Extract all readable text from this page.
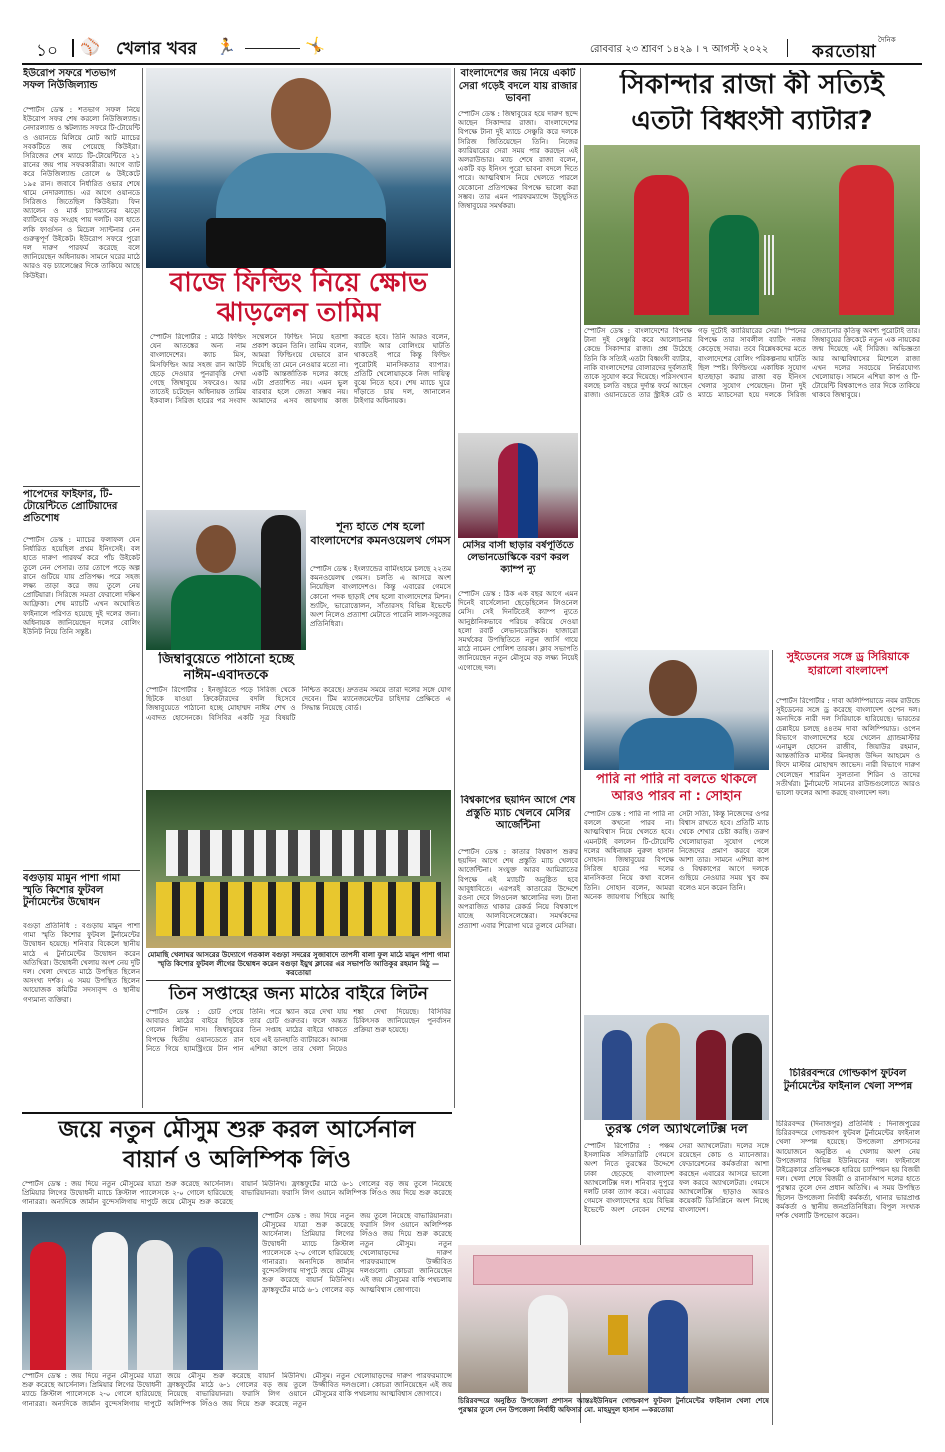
১০ ⚾ খেলার খবর 🏃	🤸	রোববার ২৩ শ্রাবণ ১৪২৯ । ৭ আগস্ট ২০২২
দৈনিক
করতোয়া
ইউরোপ সফরে শতভাগ সফল নিউজিল্যান্ড
স্পোর্টস ডেস্ক : শতভাগ সফল নিয়ে ইউরোপ সফর শেষ করলো নিউজিল্যান্ড। নেদারল্যান্ড ও স্কটল্যান্ড সফরে টি-টোয়েন্টি ও ওয়ানডে মিলিয়ে মোট আট ম্যাচের সবকটিতে জয় পেয়েছে কিউইরা। সিরিজের শেষ ম্যাচে টি-টোয়েন্টিতে ২১ রানের জয় পায় সফরকারীরা। আগে ব্যাট করে নিউজিল্যান্ড তোলে ৬ উইকেটে ১৯৫ রান। জবাবে নির্ধারিত ওভার শেষে থামে নেদারল্যান্ড। এর আগে ওয়ানডে সিরিজও জিতেছিল কিউইরা। ফিন অ্যালেন ও মার্ক চ্যাপম্যানের ঝড়ো ব্যাটিংয়ে বড় সংগ্রহ পায় দলটি। বল হাতে লকি ফার্গুসন ও মিচেল স্যান্টনার নেন গুরুত্বপূর্ণ উইকেট। ইউরোপ সফরে পুরো দল দারুণ পারফর্ম করেছে বলে জানিয়েছেন অধিনায়ক। সামনে ঘরের মাঠে আরও বড় চ্যালেঞ্জের দিকে তাকিয়ে আছে কিউইরা।
পাপেদের ফাইফার, টি-টোয়েন্টিতে প্রোটিয়াদের প্রতিশোধ
স্পোর্টস ডেস্ক : ম্যাচের ফলাফল যেন নির্ধারিত হয়েছিল প্রথম ইনিংসেই। বল হাতে দারুণ পারফর্ম করে পাঁচ উইকেট তুলে নেন পেসার। তার তোপে পড়ে অল্প রানে গুটিয়ে যায় প্রতিপক্ষ। পরে সহজ লক্ষ্য তাড়া করে জয় তুলে নেয় প্রোটিয়ারা। সিরিজে সমতা ফেরালো দক্ষিণ আফ্রিকা। শেষ ম্যাচটি এখন অঘোষিত ফাইনালে পরিণত হয়েছে দুই দলের জন্য। অধিনায়ক জানিয়েছেন দলের বোলিং ইউনিট নিয়ে তিনি সন্তুষ্ট।
বগুড়ায় মামুন পাশা গামা স্মৃতি কিশোর ফুটবল টুর্নামেন্টের উদ্বোধন
বগুড়া প্রতিনিধি : বগুড়ায় মামুন পাশা গামা স্মৃতি কিশোর ফুটবল টুর্নামেন্টের উদ্বোধন হয়েছে। শনিবার বিকেলে স্থানীয় মাঠে এ টুর্নামেন্টের উদ্বোধন করেন অতিথিরা। উদ্বোধনী খেলায় অংশ নেয় দুটি দল। খেলা দেখতে মাঠে উপস্থিত ছিলেন অসংখ্য দর্শক। এ সময় উপস্থিত ছিলেন আয়োজক কমিটির সদস্যবৃন্দ ও স্থানীয় গণ্যমান্য ব্যক্তিরা।
বাজে ফিল্ডিং নিয়ে ক্ষোভ
ঝাড়লেন তামিম
স্পোর্টস রিপোর্টার : মাঠে ফিল্ডিং যেন আতঙ্কের অন্য নাম বাংলাদেশের। ক্যাচ মিস, মিসফিল্ডিং আর সহজ রান আউট ছেড়ে দেওয়ার পুনরাবৃত্তি দেখা গেছে জিম্বাবুয়ে সফরেও। আর তাতেই চটেছেন অধিনায়ক তামিম ইকবাল। সিরিজ হারের পর সংবাদ সম্মেলনে ফিল্ডিং নিয়ে হতাশা প্রকাশ করেন তিনি। তামিম বলেন, আমরা ফিল্ডিংয়ে যেভাবে রান দিয়েছি তা মেনে নেওয়ার মতো না। একটি আন্তর্জাতিক দলের কাছে এটা প্রত্যাশিত নয়। এমন ভুল বারবার হলে জেতা সম্ভব নয়। আমাদের এসব জায়গায় কাজ করতে হবে। তিনি আরও বলেন, ব্যাটিং আর বোলিংয়ে ঘাটতি থাকতেই পারে কিন্তু ফিল্ডিং পুরোটাই মানসিকতার ব্যাপার। প্রতিটি খেলোয়াড়কে নিজ দায়িত্ব বুঝে নিতে হবে। শেষ ম্যাচে ঘুরে দাঁড়াতে চায় দল, জানালেন টাইগার অধিনায়ক।
জিম্বাবুয়েতে পাঠানো হচ্ছে নাঈম-এবাদতকে
স্পোর্টস রিপোর্টার : ইনজুরিতে পড়ে সিরিজ থেকে ছিটকে যাওয়া ক্রিকেটারদের বদলি হিসেবে জিম্বাবুয়েতে পাঠানো হচ্ছে মোহাম্মদ নাঈম শেখ ও এবাদত হোসেনকে। বিসিবির একটি সূত্র বিষয়টি নিশ্চিত করেছে। দ্রুততম সময়ে তারা দলের সঙ্গে যোগ দেবেন। টিম ম্যানেজমেন্টের চাহিদার প্রেক্ষিতে এ সিদ্ধান্ত নিয়েছে বোর্ড।
শূন্য হাতে শেষ হলো বাংলাদেশের কমনওয়েলথ গেমস
স্পোর্টস ডেস্ক : ইংল্যান্ডের বার্মিংহামে চলছে ২২তম কমনওয়েলথ গেমস। চলতি এ আসরে অংশ নিয়েছিল বাংলাদেশও। কিন্তু এবারের গেমসে কোনো পদক ছাড়াই শেষ হলো বাংলাদেশের মিশন। শ্যুটিং, ভারোত্তোলন, সাঁতারসহ বিভিন্ন ইভেন্টে অংশ নিলেও প্রত্যাশা মেটাতে পারেনি লাল-সবুজের প্রতিনিধিরা।
মোমাছি খেলাঘর আসরের উদ্যোগে গতকাল বগুড়া সদরের সুজাবাদে তাপসী বালা ফুল মাঠে মামুন পাশা গামা স্মৃতি কিশোর ফুটবল লীগের উদ্বোধন করেন বগুড়া ইয়ুথ ক্লাবের এর সভাপতি আতিকুর রহমান মিঠু —করতোয়া
তিন সপ্তাহের জন্য মাঠের বাইরে লিটন
স্পোর্টস ডেস্ক : চোট পেয়ে আবারও মাঠের বাইরে ছিটকে গেলেন লিটন দাস। জিম্বাবুয়ের বিপক্ষে দ্বিতীয় ওয়ানডেতে রান নিতে গিয়ে হ্যামস্ট্রিংয়ে টান পান তিনি। পরে স্ক্যান করে দেখা যায় তার চোট গুরুতর। ফলে অন্তত তিন সপ্তাহ মাঠের বাইরে থাকতে হবে এই ডানহাতি ব্যাটারকে। আসন্ন এশিয়া কাপে তার খেলা নিয়েও শঙ্কা দেখা দিয়েছে। বিসিবির চিকিৎসক জানিয়েছেন পুনর্বাসন প্রক্রিয়া শুরু হয়েছে।
বাংলাদেশের জয় নিয়ে একটি সেরা গড়েই বদলে যায় রাজার ভাবনা
স্পোর্টস ডেস্ক : জিম্বাবুয়ের হয়ে দারুণ ছন্দে আছেন সিকান্দার রাজা। বাংলাদেশের বিপক্ষে টানা দুই ম্যাচে সেঞ্চুরি করে দলকে সিরিজ জিতিয়েছেন তিনি। নিজের ক্যারিয়ারের সেরা সময় পার করছেন এই অলরাউন্ডার। ম্যাচ শেষে রাজা বলেন, একটি বড় ইনিংস পুরো ভাবনা বদলে দিতে পারে। আত্মবিশ্বাস নিয়ে খেলতে পারলে যেকোনো প্রতিপক্ষের বিপক্ষে ভালো করা সম্ভব। তার এমন পারফরম্যান্সে উচ্ছ্বসিত জিম্বাবুয়ের সমর্থকরা।
মেসির বার্সা ছাড়ার বর্ষপূর্তিতে লেভানডোস্কিকে বরণ করল ক্যাম্প ন্যু
স্পোর্টস ডেস্ক : ঠিক এক বছর আগে এমন দিনেই বার্সেলোনা ছেড়েছিলেন লিওনেল মেসি। সেই দিনটিতেই ক্যাম্প ন্যুতে আনুষ্ঠানিকভাবে পরিচয় করিয়ে দেওয়া হলো রবার্ট লেভানডোস্কিকে। হাজারো সমর্থকের উপস্থিতিতে নতুন জার্সি গায়ে মাঠে নামেন পোলিশ তারকা। ক্লাব সভাপতি জানিয়েছেন নতুন মৌসুমে বড় লক্ষ্য নিয়েই এগোচ্ছে দল।
বিশ্বকাপের ছয়দিন আগে শেষ প্রস্তুতি ম্যাচ খেলবে মেসির আর্জেন্টিনা
স্পোর্টস ডেস্ক : কাতার বিশ্বকাপ শুরুর ছয়দিন আগে শেষ প্রস্তুতি ম্যাচ খেলবে আর্জেন্টিনা। সংযুক্ত আরব আমিরাতের বিপক্ষে এই ম্যাচটি অনুষ্ঠিত হবে আবুধাবিতে। এরপরই কাতারের উদ্দেশে রওনা দেবে লিওনেল স্কালোনির দল। টানা অপরাজিত থাকার রেকর্ড নিয়ে বিশ্বকাপে যাচ্ছে আলবিসেলেস্তেরা। সমর্থকদের প্রত্যাশা এবার শিরোপা ঘরে তুলবে মেসিরা।
সিকান্দার রাজা কী সত্যিই
এতটা বিধ্বংসী ব্যাটার?
স্পোর্টস ডেস্ক : বাংলাদেশের বিপক্ষে টানা দুই সেঞ্চুরি করে আলোচনার কেন্দ্রে সিকান্দার রাজা। প্রশ্ন উঠেছে তিনি কি সত্যিই এতটা বিধ্বংসী ব্যাটার, নাকি বাংলাদেশের বোলারদের দুর্বলতাই তাকে সুযোগ করে দিয়েছে। পরিসংখ্যান বলছে চলতি বছরে দুর্দান্ত ফর্মে আছেন রাজা। ওয়ানডেতে তার স্ট্রাইক রেট ও গড় দুটোই ক্যারিয়ারের সেরা। স্পিনের বিপক্ষে তার সাবলীল ব্যাটিং নজর কেড়েছে সবার। তবে বিশ্লেষকদের মতে বাংলাদেশের বোলিং পরিকল্পনায় ঘাটতি ছিল স্পষ্ট। ফিল্ডিংয়ে একাধিক সুযোগ হাতছাড়া করায় রাজা বড় ইনিংস খেলার সুযোগ পেয়েছেন। টানা দুই ম্যাচে ম্যাচসেরা হয়ে দলকে সিরিজ জেতানোর কৃতিত্ব অবশ্য পুরোটাই তার। জিম্বাবুয়ের ক্রিকেটে নতুন এক নায়কের জন্ম দিয়েছে এই সিরিজ। অভিজ্ঞতা আর আত্মবিশ্বাসের মিশেলে রাজা এখন দলের সবচেয়ে নির্ভরযোগ্য খেলোয়াড়। সামনে এশিয়া কাপ ও টি-টোয়েন্টি বিশ্বকাপেও তার দিকে তাকিয়ে থাকবে জিম্বাবুয়ে।
পারি না পারি না বলতে থাকলে
আরও পারব না : সোহান
স্পোর্টস ডেস্ক : পারি না পারি না বললে কখনো পারব না। আত্মবিশ্বাস নিয়ে খেলতে হবে। এমনটাই বললেন টি-টোয়েন্টি দলের অধিনায়ক নুরুল হাসান সোহান। জিম্বাবুয়ের বিপক্ষে সিরিজ হারের পর দলের মানসিকতা নিয়ে কথা বলেন তিনি। সোহান বলেন, আমরা অনেক জায়গায় পিছিয়ে আছি সেটা সত্যি, কিন্তু নিজেদের ওপর বিশ্বাস রাখতে হবে। প্রতিটি ম্যাচ থেকে শেখার চেষ্টা করছি। তরুণ খেলোয়াড়রা সুযোগ পেলে নিজেদের প্রমাণ করবে বলে আশা তার। সামনে এশিয়া কাপ ও বিশ্বকাপের আগে দলকে গুছিয়ে নেওয়ার সময় খুব কম বলেও মনে করেন তিনি।
সুইডেনের সঙ্গে ড্র সিরিয়াকে হারালো বাংলাদেশ
স্পোর্টস রিপোর্টার : দাবা অলিম্পিয়াডে নবম রাউন্ডে সুইডেনের সঙ্গে ড্র করেছে বাংলাদেশ ওপেন দল। অন্যদিকে নারী দল সিরিয়াকে হারিয়েছে। ভারতের চেন্নাইয়ে চলছে ৪৪তম দাবা অলিম্পিয়াড। ওপেন বিভাগে বাংলাদেশের হয়ে খেলেন গ্র্যান্ডমাস্টার এনামুল হোসেন রাজীব, জিয়াউর রহমান, আন্তর্জাতিক মাস্টার মিনহাজ উদ্দিন আহমেদ ও ফিদে মাস্টার মোহাম্মদ জাভেদ। নারী বিভাগে দারুণ খেলেছেন শারমিন সুলতানা শিরিন ও তাদের সতীর্থরা। টুর্নামেন্টে সামনের রাউন্ডগুলোতে আরও ভালো ফলের আশা করছে বাংলাদেশ দল।
চিরিরবন্দরে গোল্ডকাপ ফুটবল টুর্নামেন্টের ফাইনাল খেলা সম্পন্ন
চিরিরবন্দর (দিনাজপুর) প্রতিনিধি : দিনাজপুরের চিরিরবন্দরে গোল্ডকাপ ফুটবল টুর্নামেন্টের ফাইনাল খেলা সম্পন্ন হয়েছে। উপজেলা প্রশাসনের আয়োজনে অনুষ্ঠিত এ খেলায় অংশ নেয় উপজেলার বিভিন্ন ইউনিয়নের দল। ফাইনালে টাইব্রেকারে প্রতিপক্ষকে হারিয়ে চ্যাম্পিয়ন হয় বিজয়ী দল। খেলা শেষে বিজয়ী ও রানার্সআপ দলের হাতে পুরস্কার তুলে দেন প্রধান অতিথি। এ সময় উপস্থিত ছিলেন উপজেলা নির্বাহী কর্মকর্তা, থানার ভারপ্রাপ্ত কর্মকর্তা ও স্থানীয় জনপ্রতিনিধিরা। বিপুল সংখ্যক দর্শক খেলাটি উপভোগ করেন।
তুরস্ক গেল অ্যাথলেটিক্স দল
স্পোর্টস রিপোর্টার : পঞ্চম ইসলামিক সলিডারিটি গেমসে অংশ নিতে তুরস্কের উদ্দেশে ঢাকা ছেড়েছে বাংলাদেশ অ্যাথলেটিক্স দল। শনিবার দুপুরে দলটি ঢাকা ত্যাগ করে। এবারের গেমসে বাংলাদেশের হয়ে বিভিন্ন ইভেন্টে অংশ নেবেন দেশের সেরা অ্যাথলেটরা। দলের সঙ্গে রয়েছেন কোচ ও ম্যানেজার। ফেডারেশনের কর্মকর্তারা আশা করছেন এবারের আসরে ভালো ফল করবে অ্যাথলেটরা। গেমসে অ্যাথলেটিক্স ছাড়াও আরও কয়েকটি ডিসিপ্লিনে অংশ নিচ্ছে বাংলাদেশ।
চিরিরবন্দরে অনুষ্ঠিত উপজেলা প্রশাসন আন্তঃইউনিয়ন গোল্ডকাপ ফুটবল টুর্নামেন্টের ফাইনাল খেলা শেষে পুরস্কার তুলে দেন উপজেলা নির্বাহী অফিসার মো. মাহমুদুল হাসান —করতোয়া
জয়ে নতুন মৌসুম শুরু করল আর্সেনাল
বায়ার্ন ও অলিম্পিক লিঁও
স্পোর্টস ডেস্ক : জয় দিয়ে নতুন মৌসুমের যাত্রা শুরু করেছে আর্সেনাল। প্রিমিয়ার লিগের উদ্বোধনী ম্যাচে ক্রিস্টাল প্যালেসকে ২-০ গোলে হারিয়েছে গানাররা। অন্যদিকে জার্মান বুন্দেসলিগায় দাপুটে জয়ে মৌসুম শুরু করেছে বায়ার্ন মিউনিখ। ফ্রাঙ্কফুর্টের মাঠে ৬-১ গোলের বড় জয় তুলে নিয়েছে বাভারিয়ানরা। ফরাসি লিগ ওয়ানে অলিম্পিক লিঁওও জয় দিয়ে শুরু করেছে
স্পোর্টস ডেস্ক : জয় দিয়ে নতুন মৌসুমের যাত্রা শুরু করেছে আর্সেনাল। প্রিমিয়ার লিগের উদ্বোধনী ম্যাচে ক্রিস্টাল প্যালেসকে ২-০ গোলে হারিয়েছে গানাররা। অন্যদিকে জার্মান বুন্দেসলিগায় দাপুটে জয়ে মৌসুম শুরু করেছে বায়ার্ন মিউনিখ। ফ্রাঙ্কফুর্টের মাঠে ৬-১ গোলের বড় জয় তুলে নিয়েছে বাভারিয়ানরা। ফরাসি লিগ ওয়ানে অলিম্পিক লিঁওও জয় দিয়ে শুরু করেছে নতুন মৌসুম। নতুন খেলোয়াড়দের দারুণ পারফরম্যান্সে উজ্জীবিত দলগুলো। কোচরা জানিয়েছেন এই জয় মৌসুমের বাকি পথচলায় আত্মবিশ্বাস জোগাবে।
স্পোর্টস ডেস্ক : জয় দিয়ে নতুন মৌসুমের যাত্রা শুরু করেছে আর্সেনাল। প্রিমিয়ার লিগের উদ্বোধনী ম্যাচে ক্রিস্টাল প্যালেসকে ২-০ গোলে হারিয়েছে গানাররা। অন্যদিকে জার্মান বুন্দেসলিগায় দাপুটে জয়ে মৌসুম শুরু করেছে বায়ার্ন মিউনিখ। ফ্রাঙ্কফুর্টের মাঠে ৬-১ গোলের বড় জয় তুলে নিয়েছে বাভারিয়ানরা। ফরাসি লিগ ওয়ানে অলিম্পিক লিঁওও জয় দিয়ে শুরু করেছে নতুন মৌসুম। নতুন খেলোয়াড়দের দারুণ পারফরম্যান্সে উজ্জীবিত দলগুলো। কোচরা জানিয়েছেন এই জয় মৌসুমের বাকি পথচলায় আত্মবিশ্বাস জোগাবে।
